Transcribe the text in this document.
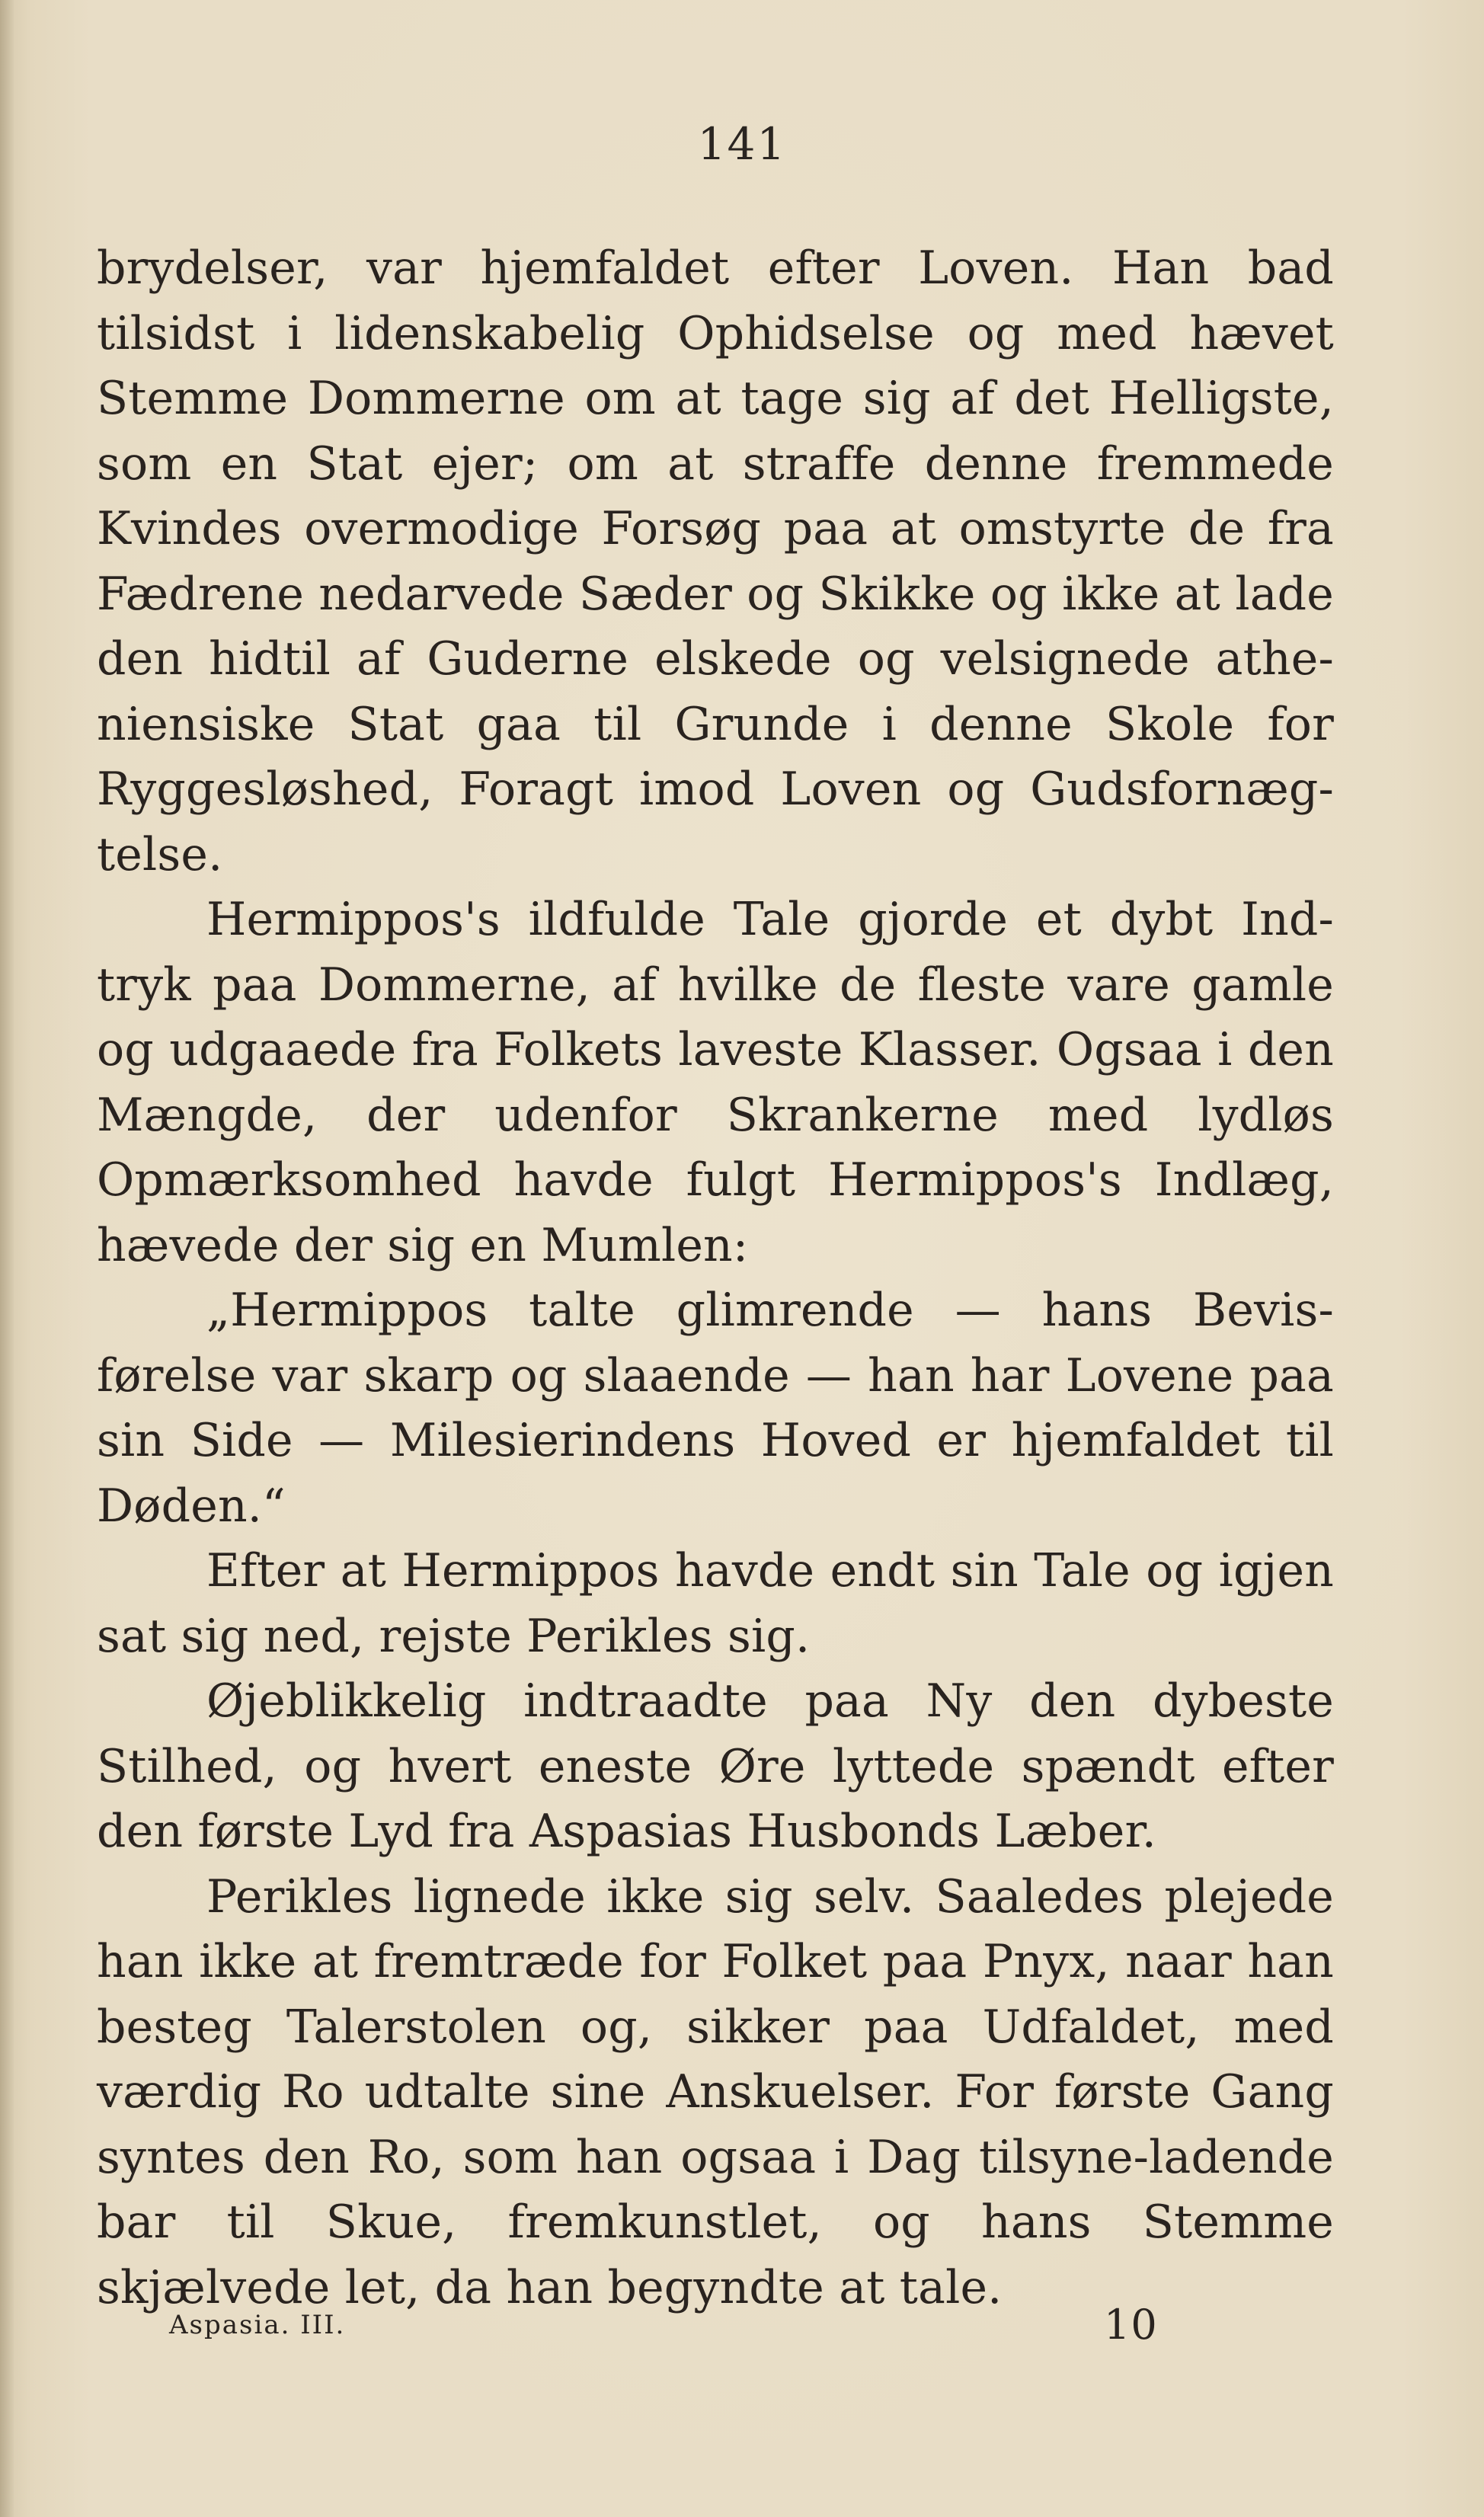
141

brydelser, var hjemfaldet efter Loven. Han bad tilsidst i lidenskabelig Ophidselse og med hævet Stemme Dommerne om at tage sig af det Helligste, som en Stat ejer; om at straffe denne fremmede Kvindes overmodige Forsøg paa at omstyrte de fra Fædrene nedarvede Sæder og Skikke og ikke at lade den hidtil af Guderne elskede og velsignede athe-niensiske Stat gaa til Grunde i denne Skole for Ryggesløshed, Foragt imod Loven og Gudsfornæg-telse.

Hermippos's ildfulde Tale gjorde et dybt Ind-tryk paa Dommerne, af hvilke de fleste vare gamle og udgaaede fra Folkets laveste Klasser. Ogsaa i den Mængde, der udenfor Skrankerne med lydløs Opmærksomhed havde fulgt Hermippos's Indlæg, hævede der sig en Mumlen:

„Hermippos talte glimrende — hans Bevis-førelse var skarp og slaaende — han har Lovene paa sin Side — Milesierindens Hoved er hjemfaldet til Døden.“

Efter at Hermippos havde endt sin Tale og igjen sat sig ned, rejste Perikles sig.

Øjeblikkelig indtraadte paa Ny den dybeste Stilhed, og hvert eneste Øre lyttede spændt efter den første Lyd fra Aspasias Husbonds Læber.

Perikles lignede ikke sig selv. Saaledes plejede han ikke at fremtræde for Folket paa Pnyx, naar han besteg Talerstolen og, sikker paa Udfaldet, med værdig Ro udtalte sine Anskuelser. For første Gang syntes den Ro, som han ogsaa i Dag tilsyne-ladende bar til Skue, fremkunstlet, og hans Stemme skjælvede let, da han begyndte at tale.

Aspasia. III.	10
